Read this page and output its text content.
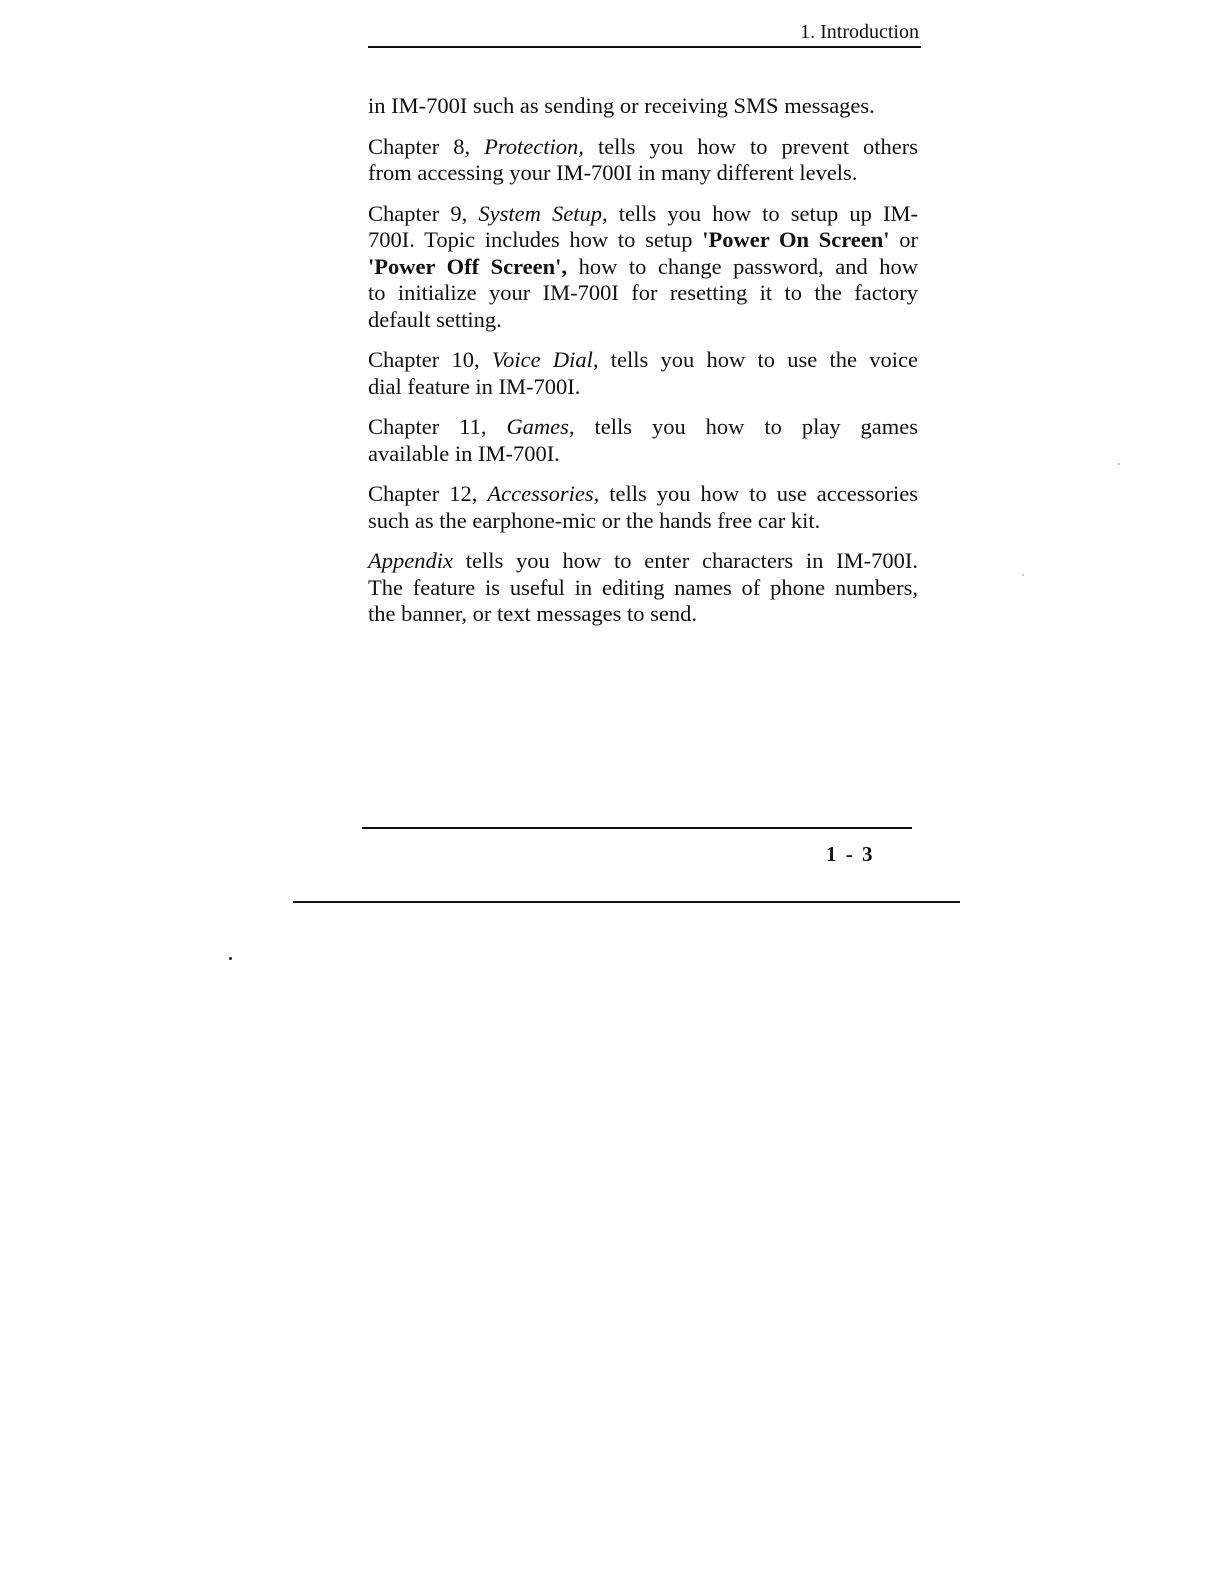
1. Introduction

in IM-700I such as sending or receiving SMS messages.

Chapter 8, Protection, tells you how to prevent others
from accessing your IM-700I in many different levels.

Chapter 9, System Setup, tells you how to setup up IM-
700I. Topic includes how to setup 'Power On Screen' or
'Power Off Screen', how to change password, and how
to initialize your IM-700I for resetting it to the factory
default setting.

Chapter 10, Voice Dial, tells you how to use the voice
dial feature in IM-700I.

Chapter 11, Games, tells you how to play games
available in IM-700I.

Chapter 12, Accessories, tells you how to use accessories
such as the earphone-mic or the hands free car kit.

Appendix tells you how to enter characters in IM-700I.
The feature is useful in editing names of phone numbers,
the banner, or text messages to send.

1 - 3
